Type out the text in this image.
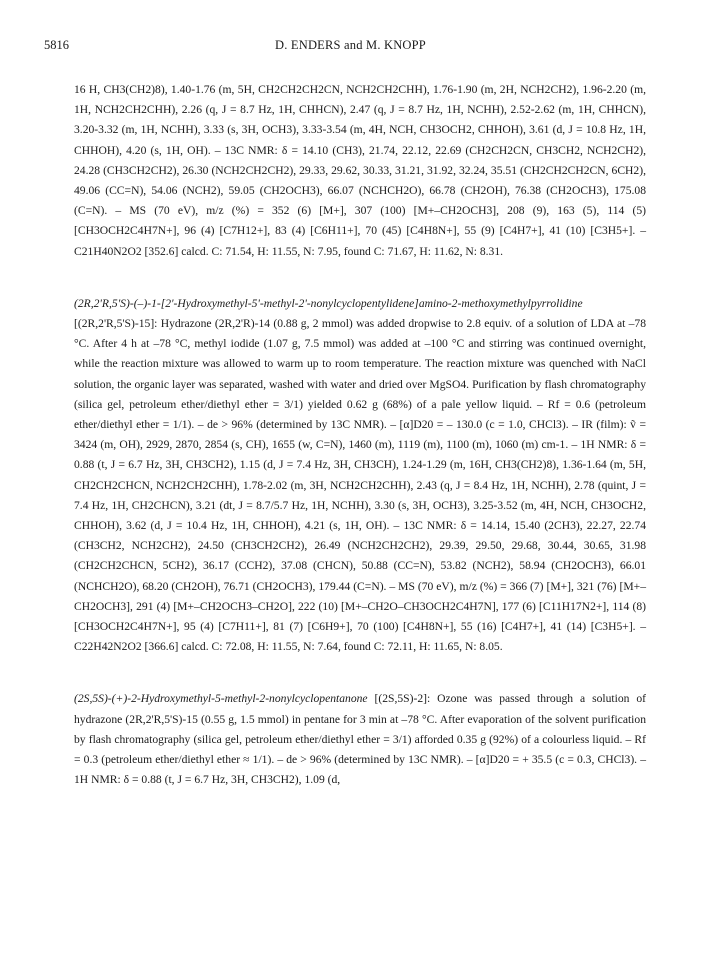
5816	D. ENDERS and M. KNOPP

16 H, CH3(CH2)8), 1.40-1.76 (m, 5H, CH2CH2CH2CN, NCH2CH2CHH), 1.76-1.90 (m, 2H, NCH2CH2), 1.96-2.20 (m, 1H, NCH2CH2CHH), 2.26 (q, J = 8.7 Hz, 1H, CHHCN), 2.47 (q, J = 8.7 Hz, 1H, NCHH), 2.52-2.62 (m, 1H, CHHCN), 3.20-3.32 (m, 1H, NCHH), 3.33 (s, 3H, OCH3), 3.33-3.54 (m, 4H, NCH, CH3OCH2, CHHOH), 3.61 (d, J = 10.8 Hz, 1H, CHHOH), 4.20 (s, 1H, OH). – 13C NMR: δ = 14.10 (CH3), 21.74, 22.12, 22.69 (CH2CH2CN, CH3CH2, NCH2CH2), 24.28 (CH3CH2CH2), 26.30 (NCH2CH2CH2), 29.33, 29.62, 30.33, 31.21, 31.92, 32.24, 35.51 (CH2CH2CH2CN, 6CH2), 49.06 (CC=N), 54.06 (NCH2), 59.05 (CH2OCH3), 66.07 (NCHCH2O), 66.78 (CH2OH), 76.38 (CH2OCH3), 175.08 (C=N). – MS (70 eV), m/z (%) = 352 (6) [M+], 307 (100) [M+–CH2OCH3], 208 (9), 163 (5), 114 (5) [CH3OCH2C4H7N+], 96 (4) [C7H12+], 83 (4) [C6H11+], 70 (45) [C4H8N+], 55 (9) [C4H7+], 41 (10) [C3H5+]. – C21H40N2O2 [352.6] calcd. C: 71.54, H: 11.55, N: 7.95, found C: 71.67, H: 11.62, N: 8.31.

(2R,2'R,5'S)-(–)-1-[2'-Hydroxymethyl-5'-methyl-2'-nonylcyclopentylidene]amino-2-methoxymethylpyrrolidine [(2R,2'R,5'S)-15]: Hydrazone (2R,2'R)-14 (0.88 g, 2 mmol) was added dropwise to 2.8 equiv. of a solution of LDA at –78 °C. After 4 h at –78 °C, methyl iodide (1.07 g, 7.5 mmol) was added at –100 °C and stirring was continued overnight, while the reaction mixture was allowed to warm up to room temperature. The reaction mixture was quenched with NaCl solution, the organic layer was separated, washed with water and dried over MgSO4. Purification by flash chromatography (silica gel, petroleum ether/diethyl ether = 3/1) yielded 0.62 g (68%) of a pale yellow liquid. – Rf = 0.6 (petroleum ether/diethyl ether = 1/1). – de > 96% (determined by 13C NMR). – [α]D20 = – 130.0 (c = 1.0, CHCl3). – IR (film): ṽ = 3424 (m, OH), 2929, 2870, 2854 (s, CH), 1655 (w, C=N), 1460 (m), 1119 (m), 1100 (m), 1060 (m) cm-1. – 1H NMR: δ = 0.88 (t, J = 6.7 Hz, 3H, CH3CH2), 1.15 (d, J = 7.4 Hz, 3H, CH3CH), 1.24-1.29 (m, 16H, CH3(CH2)8), 1.36-1.64 (m, 5H, CH2CH2CHCN, NCH2CH2CHH), 1.78-2.02 (m, 3H, NCH2CH2CHH), 2.43 (q, J = 8.4 Hz, 1H, NCHH), 2.78 (quint, J = 7.4 Hz, 1H, CH2CHCN), 3.21 (dt, J = 8.7/5.7 Hz, 1H, NCHH), 3.30 (s, 3H, OCH3), 3.25-3.52 (m, 4H, NCH, CH3OCH2, CHHOH), 3.62 (d, J = 10.4 Hz, 1H, CHHOH), 4.21 (s, 1H, OH). – 13C NMR: δ = 14.14, 15.40 (2CH3), 22.27, 22.74 (CH3CH2, NCH2CH2), 24.50 (CH3CH2CH2), 26.49 (NCH2CH2CH2), 29.39, 29.50, 29.68, 30.44, 30.65, 31.98 (CH2CH2CHCN, 5CH2), 36.17 (CCH2), 37.08 (CHCN), 50.88 (CC=N), 53.82 (NCH2), 58.94 (CH2OCH3), 66.01 (NCHCH2O), 68.20 (CH2OH), 76.71 (CH2OCH3), 179.44 (C=N). – MS (70 eV), m/z (%) = 366 (7) [M+], 321 (76) [M+–CH2OCH3], 291 (4) [M+–CH2OCH3–CH2O], 222 (10) [M+–CH2O–CH3OCH2C4H7N], 177 (6) [C11H17N2+], 114 (8) [CH3OCH2C4H7N+], 95 (4) [C7H11+], 81 (7) [C6H9+], 70 (100) [C4H8N+], 55 (16) [C4H7+], 41 (14) [C3H5+]. – C22H42N2O2 [366.6] calcd. C: 72.08, H: 11.55, N: 7.64, found C: 72.11, H: 11.65, N: 8.05.

(2S,5S)-(+)-2-Hydroxymethyl-5-methyl-2-nonylcyclopentanone [(2S,5S)-2]: Ozone was passed through a solution of hydrazone (2R,2'R,5'S)-15 (0.55 g, 1.5 mmol) in pentane for 3 min at –78 °C. After evaporation of the solvent purification by flash chromatography (silica gel, petroleum ether/diethyl ether = 3/1) afforded 0.35 g (92%) of a colourless liquid. – Rf = 0.3 (petroleum ether/diethyl ether ≈ 1/1). – de > 96% (determined by 13C NMR). – [α]D20 = + 35.5 (c = 0.3, CHCl3). – 1H NMR: δ = 0.88 (t, J = 6.7 Hz, 3H, CH3CH2), 1.09 (d,
